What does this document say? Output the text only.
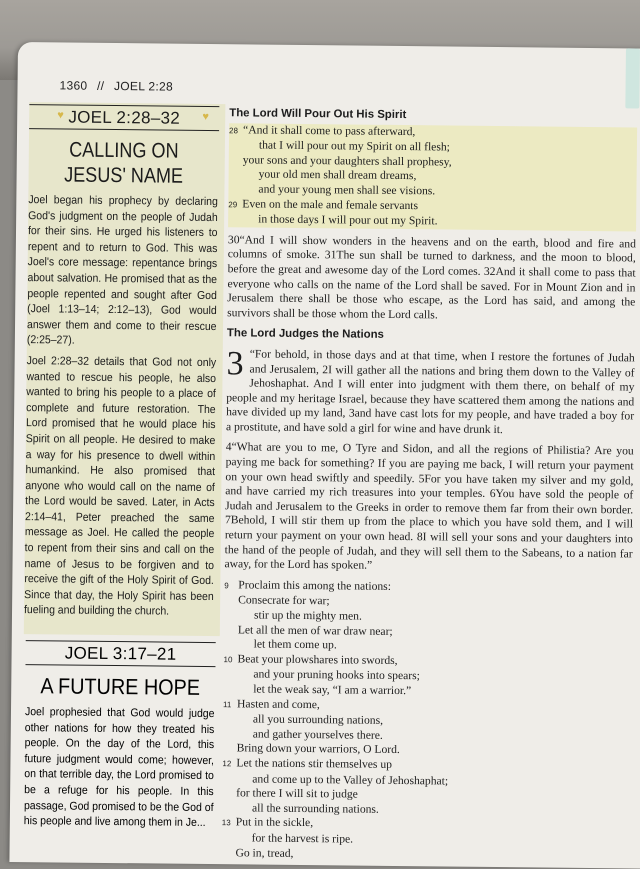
1360 // JOEL 2:28
♥ JOEL 2:28–32 ♥
CALLING ON
JESUS' NAME

Joel began his prophecy by declaring God's judgment on the people of Judah for their sins. He urged his listeners to repent and to return to God. This was Joel's core message: repentance brings about salvation. He promised that as the people repented and sought after God (Joel 1:13–14; 2:12–13), God would answer them and come to their rescue (2:25–27).

Joel 2:28–32 details that God not only wanted to rescue his people, he also wanted to bring his people to a place of complete and future restoration. The Lord promised that he would place his Spirit on all people. He desired to make a way for his presence to dwell within humankind. He also promised that anyone who would call on the name of the Lord would be saved. Later, in Acts 2:14–41, Peter preached the same message as Joel. He called the people to repent from their sins and call on the name of Jesus to be forgiven and to receive the gift of the Holy Spirit of God. Since that day, the Holy Spirit has been fueling and building the church.

JOEL 3:17–21
A FUTURE HOPE

Joel prophesied that God would judge other nations for how they treated his people. On the day of the Lord, this future judgment would come; however, on that terrible day, the Lord promised to be a refuge for his people. In this passage, God promised to be the God of his people and live among them in Je...

The Lord Will Pour Out His Spirit
28 “And it shall come to pass afterward,
that I will pour out my Spirit on all flesh;
your sons and your daughters shall prophesy,
your old men shall dream dreams,
and your young men shall see visions.
29 Even on the male and female servants
in those days I will pour out my Spirit.

30“And I will show wonders in the heavens and on the earth, blood and fire and columns of smoke. 31The sun shall be turned to darkness, and the moon to blood, before the great and awesome day of the Lord comes. 32And it shall come to pass that everyone who calls on the name of the Lord shall be saved. For in Mount Zion and in Jerusalem there shall be those who escape, as the Lord has said, and among the survivors shall be those whom the Lord calls.

The Lord Judges the Nations

3 “For behold, in those days and at that time, when I restore the fortunes of Judah and Jerusalem, 2I will gather all the nations and bring them down to the Valley of Jehoshaphat. And I will enter into judgment with them there, on behalf of my people and my heritage Israel, because they have scattered them among the nations and have divided up my land, 3and have cast lots for my people, and have traded a boy for a prostitute, and have sold a girl for wine and have drunk it.

4“What are you to me, O Tyre and Sidon, and all the regions of Philistia? Are you paying me back for something? If you are paying me back, I will return your payment on your own head swiftly and speedily. 5For you have taken my silver and my gold, and have carried my rich treasures into your temples. 6You have sold the people of Judah and Jerusalem to the Greeks in order to remove them far from their own border. 7Behold, I will stir them up from the place to which you have sold them, and I will return your payment on your own head. 8I will sell your sons and your daughters into the hand of the people of Judah, and they will sell them to the Sabeans, to a nation far away, for the Lord has spoken.”

9 Proclaim this among the nations:
Consecrate for war;
stir up the mighty men.
Let all the men of war draw near;
let them come up.
10 Beat your plowshares into swords,
and your pruning hooks into spears;
let the weak say, “I am a warrior.”
11 Hasten and come,
all you surrounding nations,
and gather yourselves there.
Bring down your warriors, O Lord.
12 Let the nations stir themselves up
and come up to the Valley of Jehoshaphat;
for there I will sit to judge
all the surrounding nations.
13 Put in the sickle,
for the harvest is ripe.
Go in, tread,
